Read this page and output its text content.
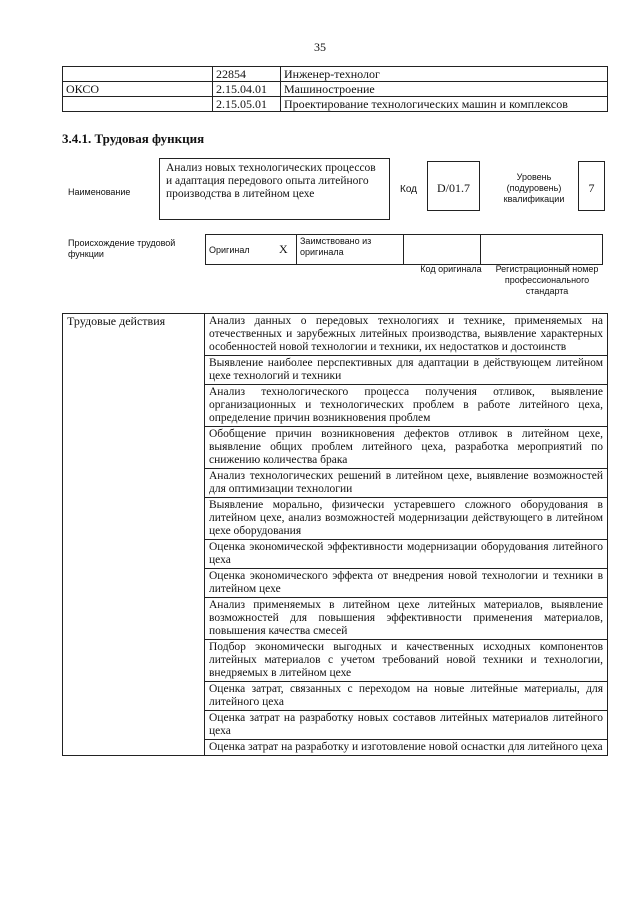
35
	22854	Инженер-технолог
ОКСО	2.15.04.01	Машиностроение
	2.15.05.01	Проектирование технологических машин и комплексов
3.4.1. Трудовая функция
Наименование
Анализ новых технологических процессов и адаптация передового опыта литейного производства в литейном цехе	Код	D/01.7
Уровень (подуровень) квалификации
7
Происхождение трудовой функции	Оригинал	X	Заимствовано из оригинала		
Код оригинала	Регистрационный номер профессионального стандарта
Трудовые действия	Анализ данных о передовых технологиях и технике, применяемых на отечественных и зарубежных литейных производства, выявление характерных особенностей новой технологии и техники, их недостатков и достоинств
Выявление наиболее перспективных для адаптации в действующем литейном цехе технологий и техники
Анализ технологического процесса получения отливок, выявление организационных и технологических проблем в работе литейного цеха, определение причин возникновения проблем
Обобщение причин возникновения дефектов отливок в литейном цехе, выявление общих проблем литейного цеха, разработка мероприятий по снижению количества брака
Анализ технологических решений в литейном цехе, выявление возможностей для оптимизации технологии
Выявление морально, физически устаревшего сложного оборудования в литейном цехе, анализ возможностей модернизации действующего в литейном цехе оборудования
Оценка экономической эффективности модернизации оборудования литейного цеха
Оценка экономического эффекта от внедрения новой технологии и техники в литейном цехе
Анализ применяемых в литейном цехе литейных материалов, выявление возможностей для повышения эффективности применения материалов, повышения качества смесей
Подбор экономически выгодных и качественных исходных компонентов литейных материалов с учетом требований новой техники и технологии, внедряемых в литейном цехе
Оценка затрат, связанных с переходом на новые литейные материалы, для литейного цеха
Оценка затрат на разработку новых составов литейных материалов литейного цеха
Оценка затрат на разработку и изготовление новой оснастки для литейного цеха
